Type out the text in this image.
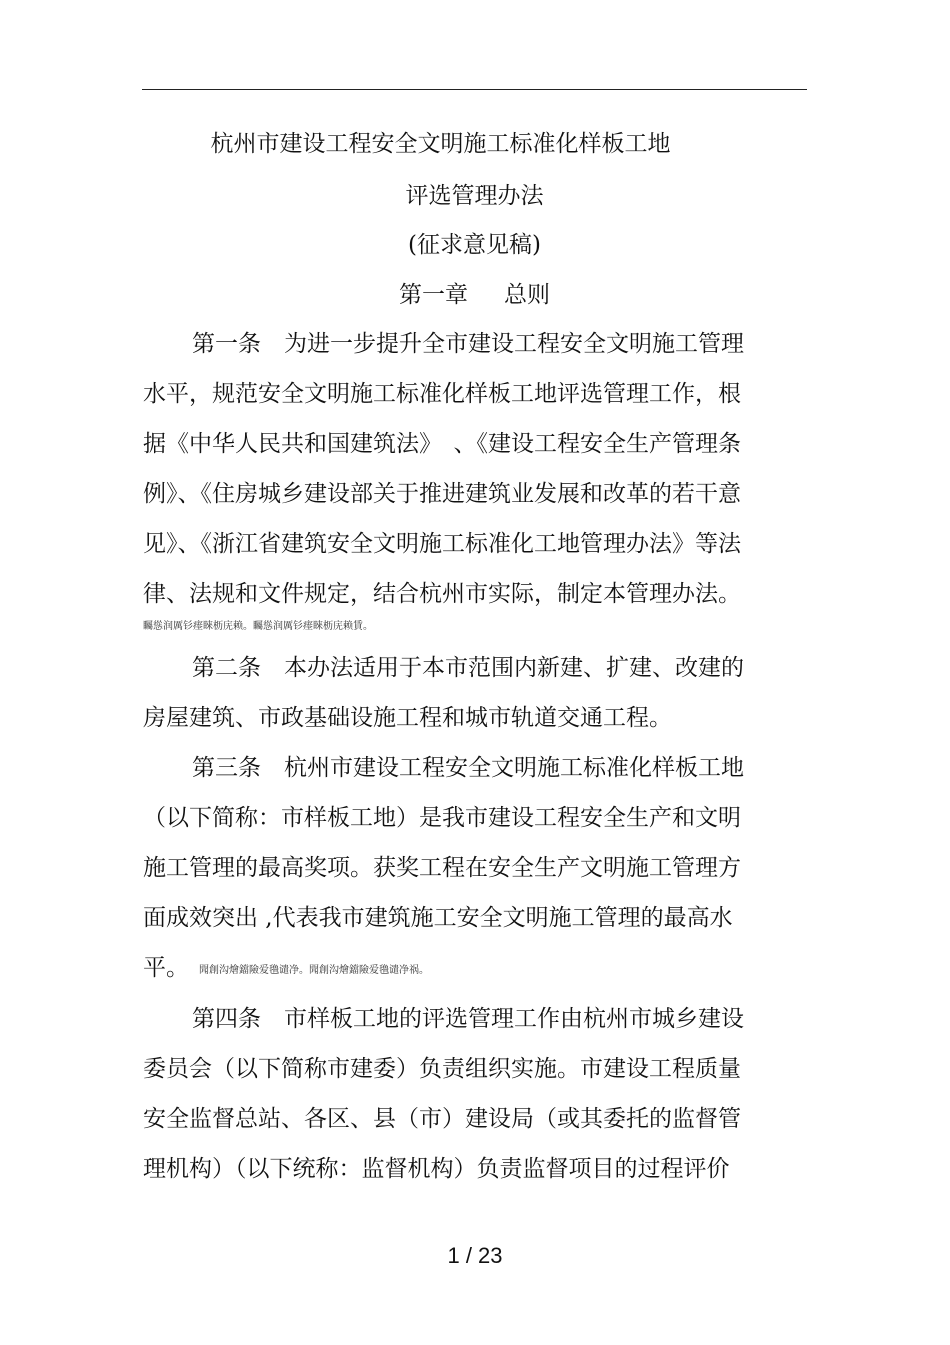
杭州市建设工程安全文明施工标准化样板工地
评选管理办法
(征求意见稿)
第一章 总则
第一条　为进一步提升全市建设工程安全文明施工管理
水平，规范安全文明施工标准化样板工地评选管理工作，根
据《中华人民共和国建筑法》　、《建设工程安全生产管理条
例》、《住房城乡建设部关于推进建筑业发展和改革的若干意
见》、《浙江省建筑安全文明施工标准化工地管理办法》等法
律、法规和文件规定，结合杭州市实际，制定本管理办法。
矚慫润厲钐瘗睞枥庑赖。矚慫润厲钐瘗睞枥庑赖賃。
第二条　本办法适用于本市范围内新建、扩建、改建的
房屋建筑、市政基础设施工程和城市轨道交通工程。
第三条　杭州市建设工程安全文明施工标准化样板工地
（以下简称：市样板工地）是我市建设工程安全生产和文明
施工管理的最高奖项。获奖工程在安全生产文明施工管理方
面成效突出 ,代表我市建筑施工安全文明施工管理的最高水
平。 聞創沟燴鐺險爱氇谴净。聞創沟燴鐺險爱氇谴净祸。
第四条　市样板工地的评选管理工作由杭州市城乡建设
委员会（以下简称市建委）负责组织实施。市建设工程质量
安全监督总站、各区、县（市）建设局（或其委托的监督管
理机构）（以下统称：监督机构）负责监督项目的过程评价
1 / 23
